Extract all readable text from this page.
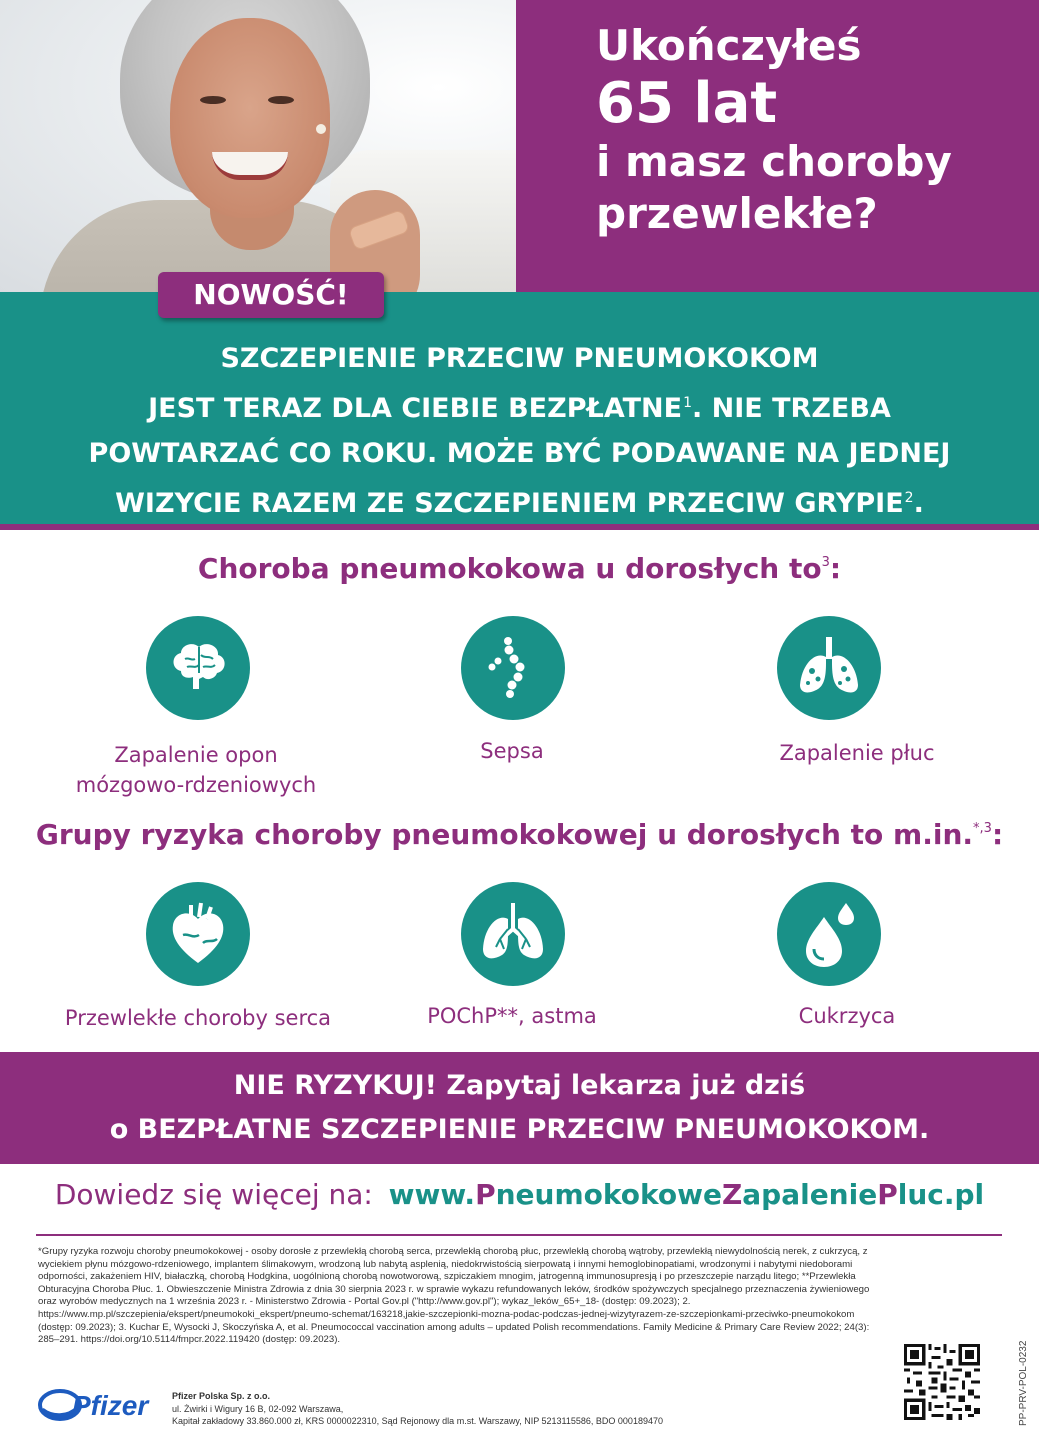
Ukończyłeś
65 lat
i masz choroby
przewlekłe?
SZCZEPIENIE PRZECIW PNEUMOKOKOM
JEST TERAZ DLA CIEBIE BEZPŁATNE$^1$. NIE TRZEBA
POWTARZAĆ CO ROKU. MOŻE BYĆ PODAWANE NA JEDNEJ
WIZYCIE RAZEM ZE SZCZEPIENIEM PRZECIW GRYPIE$^2$.
NOWOŚĆ!
Choroba pneumokokowa u dorosłych $to^3$:
Zapalenie opon
mózgowo-rdzeniowych
Sepsa	Zapalenie płuc
Grupy ryzyka choroby pneumokokowej u dorosłych to m.in.$^{*,3}$:
Przewlekłe choroby serca	POChP**, astma	Cukrzyca
NIE RYZYKUJ! Zapytaj lekarza już dziś
o BEZPŁATNE SZCZEPIENIE PRZECIW PNEUMOKOKOM.
Dowiedz się więcej na: www.PneumokokoweZapaleniePluc.pl
*Grupy ryzyka rozwoju choroby pneumokokowej - osoby dorosłe z przewlekłą chorobą serca, przewlekłą chorobą płuc, przewlekłą chorobą wątroby, przewlekłą niewydolnością nerek, z cukrzycą, z wyciekiem płynu mózgowo-rdzeniowego, implantem ślimakowym, wrodzoną lub nabytą asplenią, niedokrwistością sierpowatą i innymi hemoglobinopatiami, wrodzonymi i nabytymi niedoborami odporności, zakażeniem HIV, białaczką, chorobą Hodgkina, uogólnioną chorobą nowotworową, szpiczakiem mnogim, jatrogenną immunosupresją i po przeszczepie narządu litego; **Przewlekła Obturacyjna Choroba Płuc. 1. Obwieszczenie Ministra Zdrowia z dnia 30 sierpnia 2023 r. w sprawie wykazu refundowanych leków, środków spożywczych specjalnego przeznaczenia żywieniowego oraz wyrobów medycznych na 1 września 2023 r. - Ministerstwo Zdrowia - Portal Gov.pl ("http://www.gov.pl"); wykaz_leków_65+_18- (dostęp: 09.2023); 2. https://www.mp.pl/szczepienia/ekspert/pneumokoki_ekspert/pneumo-schemat/163218,jakie-szczepionki-mozna-podac-podczas-jednej-wizytyrazem-ze-szczepionkami-przeciwko-pneumokokom (dostęp: 09.2023); 3. Kuchar E, Wysocki J, Skoczyńska A, et al. Pneumococcal vaccination among adults – updated Polish recommendations. Family Medicine & Primary Care Review 2022; 24(3): 285–291. https://doi.org/10.5114/fmpcr.2022.119420 (dostęp: 09.2023).
Pfizer	Pfizer Polska Sp. z o.o.
ul. Żwirki i Wigury 16 B, 02-092 Warszawa,
Kapitał zakładowy 33.860.000 zł, KRS 0000022310, Sąd Rejonowy dla m.st. Warszawy, NIP 5213115586, BDO 000189470	PP-PRV-POL-0232
